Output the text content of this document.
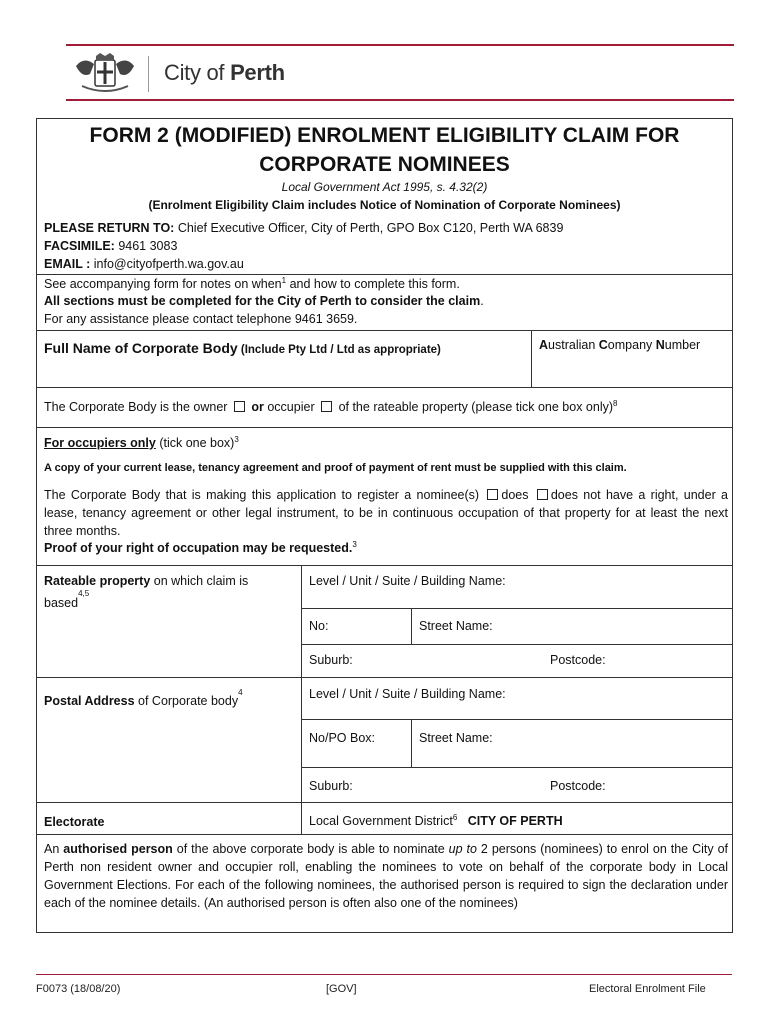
City of Perth
FORM 2 (MODIFIED) ENROLMENT ELIGIBILITY CLAIM FOR
CORPORATE NOMINEES
Local Government Act 1995, s. 4.32(2)
(Enrolment Eligibility Claim includes Notice of Nomination of Corporate Nominees)
PLEASE RETURN TO: Chief Executive Officer, City of Perth, GPO Box C120, Perth WA 6839
FACSIMILE: 9461 3083
EMAIL : info@cityofperth.wa.gov.au
See accompanying form for notes on when$^1$ and how to complete this form.
All sections must be completed for the City of Perth to consider the claim.
For any assistance please contact telephone 9461 3659.
Full Name of Corporate Body (Include Pty Ltd / Ltd as appropriate)	Australian Company Number
The Corporate Body is the owner  or occupier  of the rateable property (please tick one box only)$^8$
For occupiers only (tick one box)$^3$
A copy of your current lease, tenancy agreement and proof of payment of rent must be supplied with this claim.
The Corporate Body that is making this application to register a nominee(s) does does not have a right, under a lease, tenancy agreement or other legal instrument, to be in continuous occupation of that property for at least the next three months.
Proof of your right of occupation may be requested.$^3$
Rateable property on which claim is
based$^{4,5}$
Level / Unit / Suite / Building Name:
No:	Street Name:
Suburb:	Postcode:
Postal Address of Corporate body$^4$	Level / Unit / Suite / Building Name:
No/PO Box:	Street Name:
Suburb:	Postcode:
Electorate	Local Government District$^6$ CITY OF PERTH
An authorised person of the above corporate body is able to nominate up to 2 persons (nominees) to enrol on the City of Perth non resident owner and occupier roll, enabling the nominees to vote on behalf of the corporate body in Local Government Elections. For each of the following nominees, the authorised person is required to sign the declaration under each of the nominee details. (An authorised person is often also one of the nominees)
F0073 (18/08/20)	[GOV]	Electoral Enrolment File
